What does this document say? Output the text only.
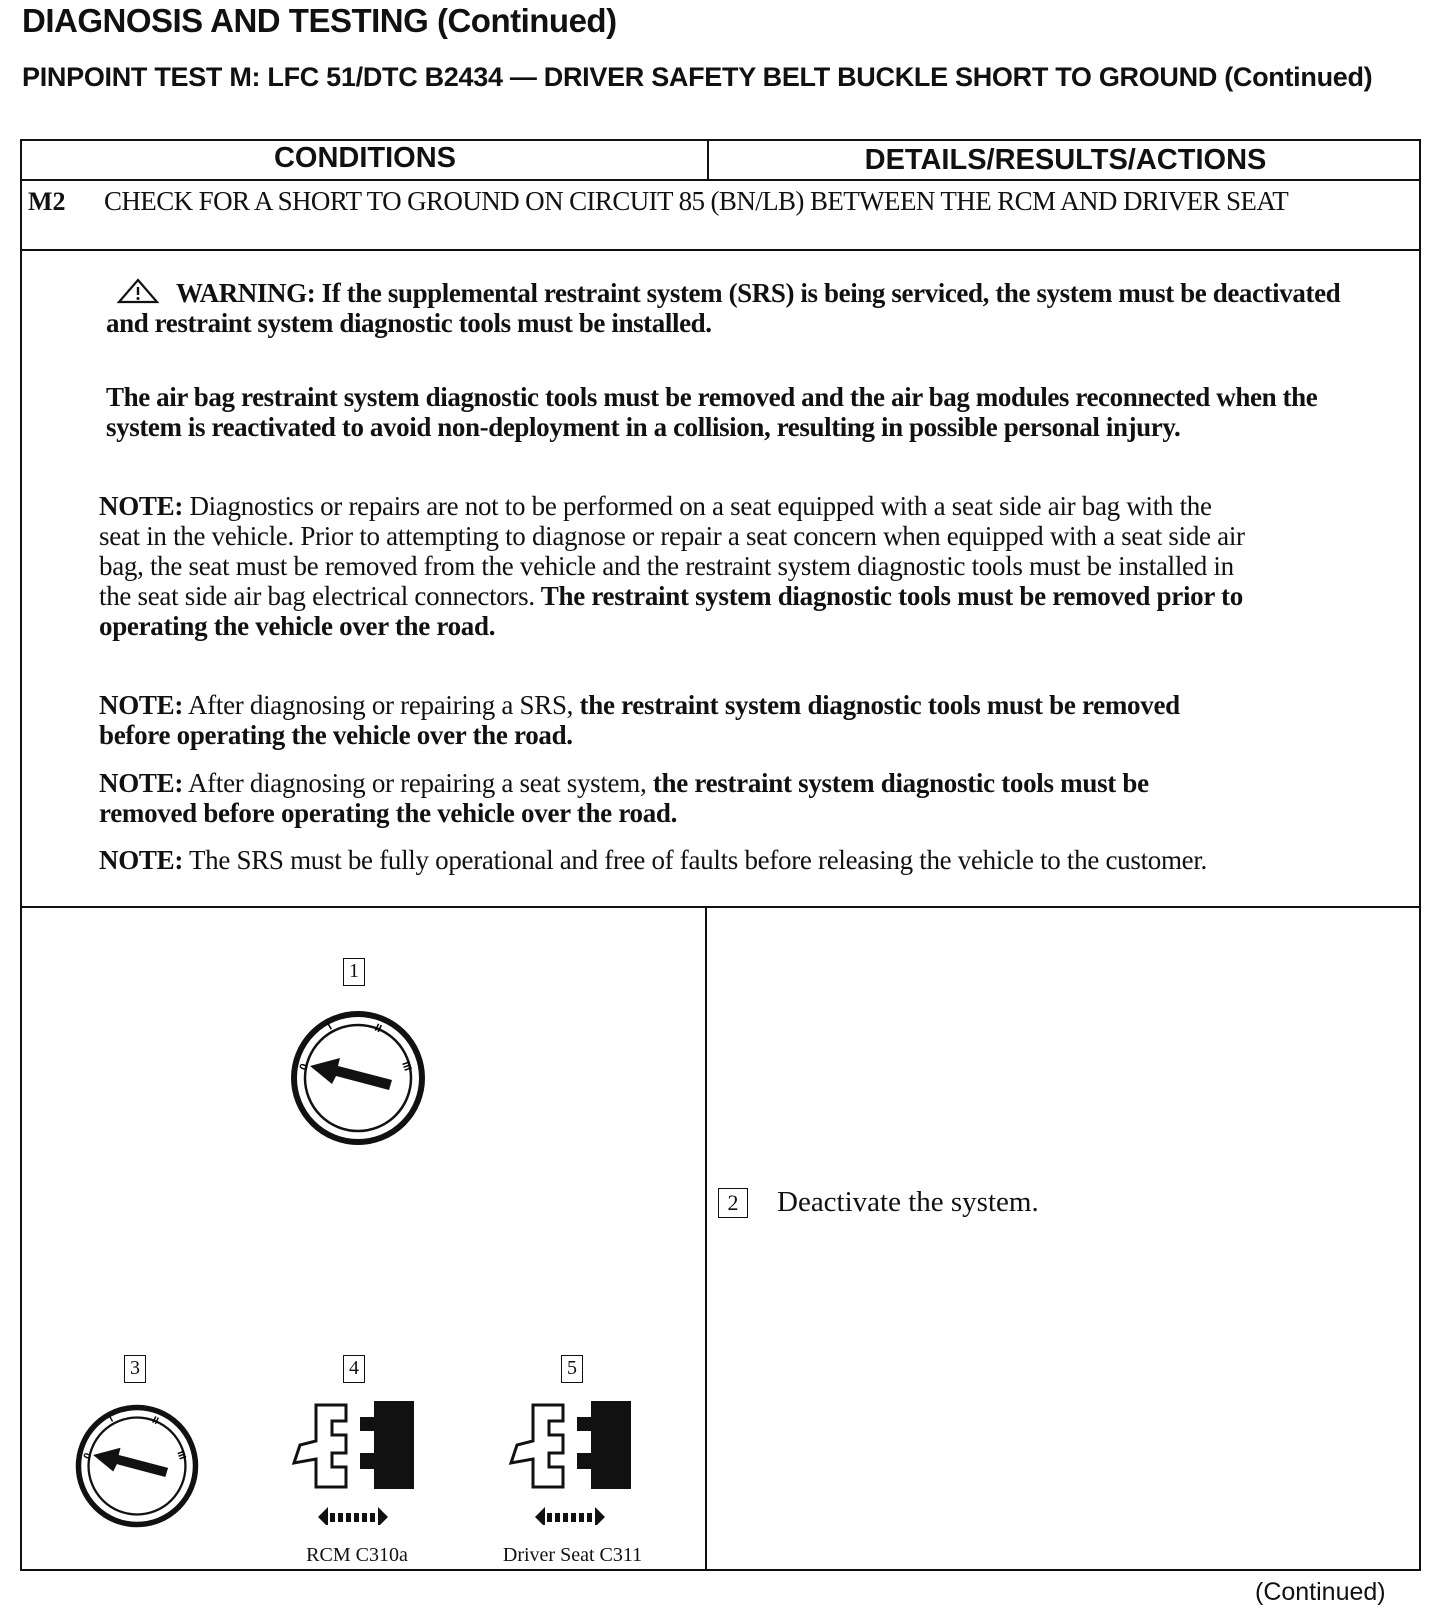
DIAGNOSIS AND TESTING (Continued)
PINPOINT TEST M: LFC 51/DTC B2434 — DRIVER SAFETY BELT BUCKLE SHORT TO GROUND (Continued)
CONDITIONS	DETAILS/RESULTS/ACTIONS
M2 CHECK FOR A SHORT TO GROUND ON CIRCUIT 85 (BN/LB) BETWEEN THE RCM AND DRIVER SEAT
WARNING: If the supplemental restraint system (SRS) is being serviced, the system must be deactivated and restraint system diagnostic tools must be installed.
The air bag restraint system diagnostic tools must be removed and the air bag modules reconnected when the system is reactivated to avoid non-deployment in a collision, resulting in possible personal injury.
NOTE: Diagnostics or repairs are not to be performed on a seat equipped with a seat side air bag with the seat in the vehicle. Prior to attempting to diagnose or repair a seat concern when equipped with a seat side air bag, the seat must be removed from the vehicle and the restraint system diagnostic tools must be installed in the seat side air bag electrical connectors. The restraint system diagnostic tools must be removed prior to operating the vehicle over the road.
NOTE: After diagnosing or repairing a SRS, the restraint system diagnostic tools must be removed before operating the vehicle over the road.
NOTE: After diagnosing or repairing a seat system, the restraint system diagnostic tools must be removed before operating the vehicle over the road.
NOTE: The SRS must be fully operational and free of faults before releasing the vehicle to the customer.
1
2
3	4	5
Deactivate the system.
0
I	II
III
0
I	II
III
RCM C310a	Driver Seat C311
(Continued)
